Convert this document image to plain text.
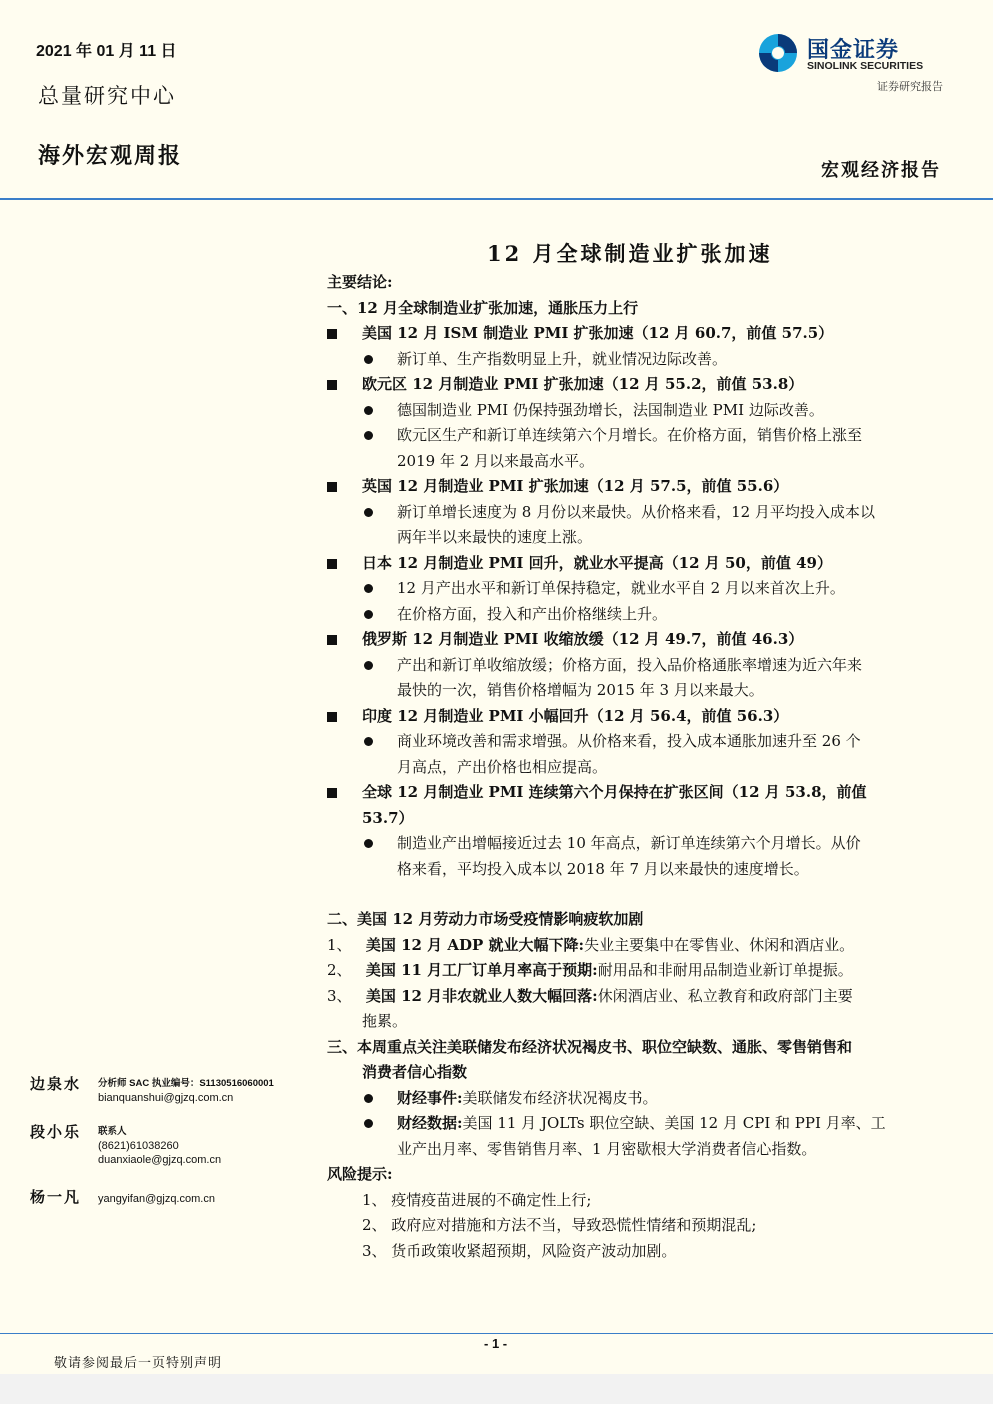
2021 年 01 月 11 日
总量研究中心
海外宏观周报
国金证券
SINOLINK SECURITIES
证券研究报告
宏观经济报告
12 月全球制造业扩张加速
主要结论:
一、12 月全球制造业扩张加速，通胀压力上行
美国 12 月 ISM 制造业 PMI 扩张加速（12 月 60.7，前值 57.5）
新订单、生产指数明显上升，就业情况边际改善。
欧元区 12 月制造业 PMI 扩张加速（12 月 55.2，前值 53.8）
德国制造业 PMI 仍保持强劲增长，法国制造业 PMI 边际改善。
欧元区生产和新订单连续第六个月增长。在价格方面，销售价格上涨至
2019 年 2 月以来最高水平。
英国 12 月制造业 PMI 扩张加速（12 月 57.5，前值 55.6）
新订单增长速度为 8 月份以来最快。从价格来看，12 月平均投入成本以
两年半以来最快的速度上涨。
日本 12 月制造业 PMI 回升，就业水平提高（12 月 50，前值 49）
12 月产出水平和新订单保持稳定，就业水平自 2 月以来首次上升。
在价格方面，投入和产出价格继续上升。
俄罗斯 12 月制造业 PMI 收缩放缓（12 月 49.7，前值 46.3）
产出和新订单收缩放缓；价格方面，投入品价格通胀率增速为近六年来
最快的一次，销售价格增幅为 2015 年 3 月以来最大。
印度 12 月制造业 PMI 小幅回升（12 月 56.4，前值 56.3）
商业环境改善和需求增强。从价格来看，投入成本通胀加速升至 26 个
月高点，产出价格也相应提高。
全球 12 月制造业 PMI 连续第六个月保持在扩张区间（12 月 53.8，前值
53.7）
制造业产出增幅接近过去 10 年高点，新订单连续第六个月增长。从价
格来看，平均投入成本以 2018 年 7 月以来最快的速度增长。
二、美国 12 月劳动力市场受疫情影响疲软加剧
1、 美国 12 月 ADP 就业大幅下降:失业主要集中在零售业、休闲和酒店业。
2、 美国 11 月工厂订单月率高于预期:耐用品和非耐用品制造业新订单提振。
3、 美国 12 月非农就业人数大幅回落:休闲酒店业、私立教育和政府部门主要
拖累。
三、本周重点关注美联储发布经济状况褐皮书、职位空缺数、通胀、零售销售和
消费者信心指数
财经事件:美联储发布经济状况褐皮书。
财经数据:美国 11 月 JOLTs 职位空缺、美国 12 月 CPI 和 PPI 月率、工
业产出月率、零售销售月率、1 月密歇根大学消费者信心指数。
风险提示:
1、 疫情疫苗进展的不确定性上行;
2、 政府应对措施和方法不当，导致恐慌性情绪和预期混乱;
3、 货币政策收紧超预期，风险资产波动加剧。
边泉水	分析师 SAC 执业编号：S1130516060001
bianquanshui@gjzq.com.cn
段小乐	联系人
(8621)61038260
duanxiaole@gjzq.com.cn
杨一凡	yangyifan@gjzq.com.cn
- 1 -
敬请参阅最后一页特别声明
